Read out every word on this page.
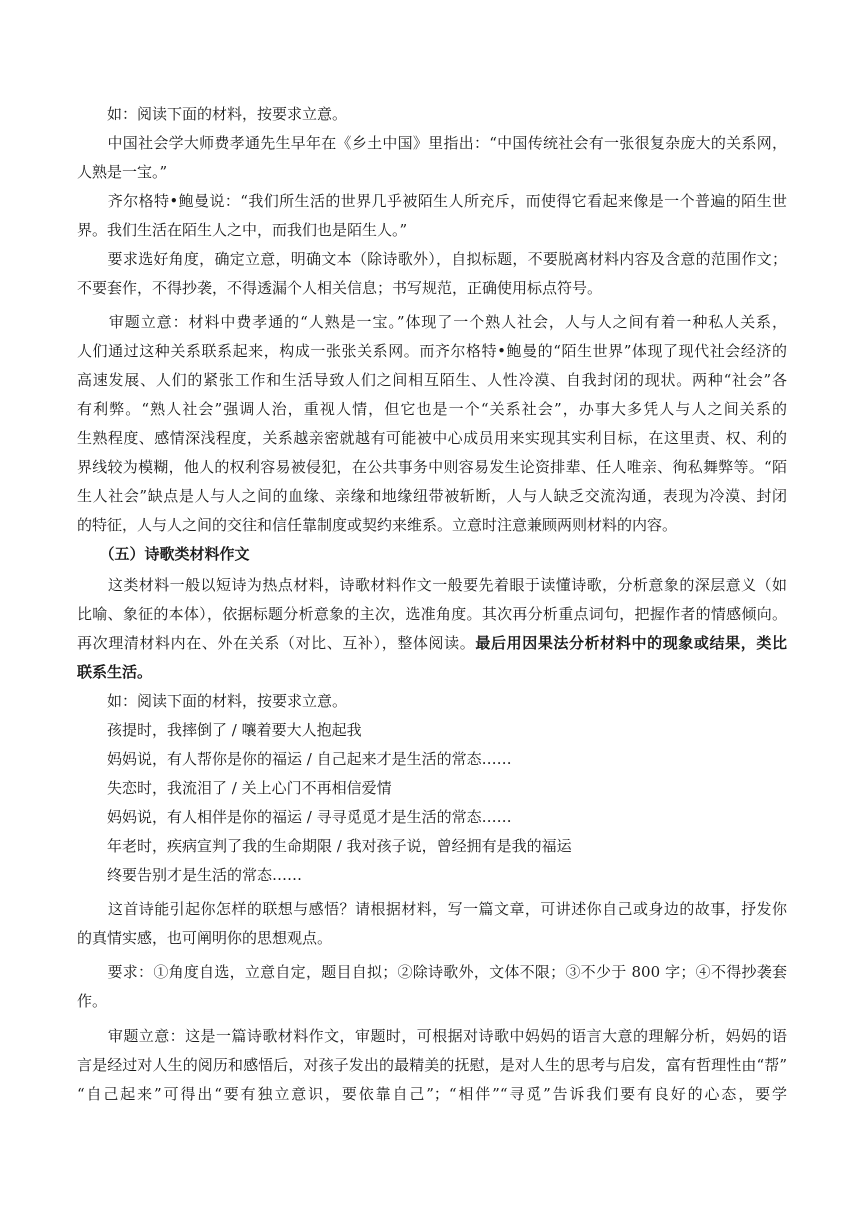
　　如：阅读下面的材料，按要求立意。
　　中国社会学大师费孝通先生早年在《乡土中国》里指出：“中国传统社会有一张很复杂庞大的关系网，
人熟是一宝。”
　　齐尔格特•鲍曼说：“我们所生活的世界几乎被陌生人所充斥，而使得它看起来像是一个普遍的陌生世
界。我们生活在陌生人之中，而我们也是陌生人。”
　　要求选好角度，确定立意，明确文本（除诗歌外），自拟标题，不要脱离材料内容及含意的范围作文；
不要套作，不得抄袭，不得透漏个人相关信息；书写规范，正确使用标点符号。
　　审题立意：材料中费孝通的“人熟是一宝。”体现了一个熟人社会，人与人之间有着一种私人关系，
人们通过这种关系联系起来，构成一张张关系网。而齐尔格特•鲍曼的“陌生世界”体现了现代社会经济的
高速发展、人们的紧张工作和生活导致人们之间相互陌生、人性冷漠、自我封闭的现状。两种“社会”各
有利弊。“熟人社会”强调人治，重视人情，但它也是一个“关系社会”，办事大多凭人与人之间关系的
生熟程度、感情深浅程度，关系越亲密就越有可能被中心成员用来实现其实利目标，在这里责、权、利的
界线较为模糊，他人的权利容易被侵犯，在公共事务中则容易发生论资排辈、任人唯亲、徇私舞弊等。“陌
生人社会”缺点是人与人之间的血缘、亲缘和地缘纽带被斩断，人与人缺乏交流沟通，表现为冷漠、封闭
的特征，人与人之间的交往和信任靠制度或契约来维系。立意时注意兼顾两则材料的内容。
　　（五）诗歌类材料作文
　　这类材料一般以短诗为热点材料，诗歌材料作文一般要先着眼于读懂诗歌，分析意象的深层意义（如
比喻、象征的本体），依据标题分析意象的主次，选准角度。其次再分析重点词句，把握作者的情感倾向。
再次理清材料内在、外在关系（对比、互补），整体阅读。最后用因果法分析材料中的现象或结果，类比
联系生活。
　　如：阅读下面的材料，按要求立意。
　　孩提时，我摔倒了 / 嚷着要大人抱起我
　　妈妈说，有人帮你是你的福运 / 自己起来才是生活的常态……
　　失恋时，我流泪了 / 关上心门不再相信爱情
　　妈妈说，有人相伴是你的福运 / 寻寻觅觅才是生活的常态……
　　年老时，疾病宣判了我的生命期限 / 我对孩子说，曾经拥有是我的福运
　　终要告别才是生活的常态……
　　这首诗能引起你怎样的联想与感悟？请根据材料，写一篇文章，可讲述你自己或身边的故事，抒发你
的真情实感，也可阐明你的思想观点。
　　要求：①角度自选，立意自定，题目自拟；②除诗歌外，文体不限；③不少于 800 字；④不得抄袭套
作。
　　审题立意：这是一篇诗歌材料作文，审题时，可根据对诗歌中妈妈的语言大意的理解分析，妈妈的语
言是经过对人生的阅历和感悟后，对孩子发出的最精美的抚慰，是对人生的思考与启发，富有哲理性由“帮”
“自己起来”可得出“要有独立意识，要依靠自己”；“相伴”“寻觅”告诉我们要有良好的心态，要学
